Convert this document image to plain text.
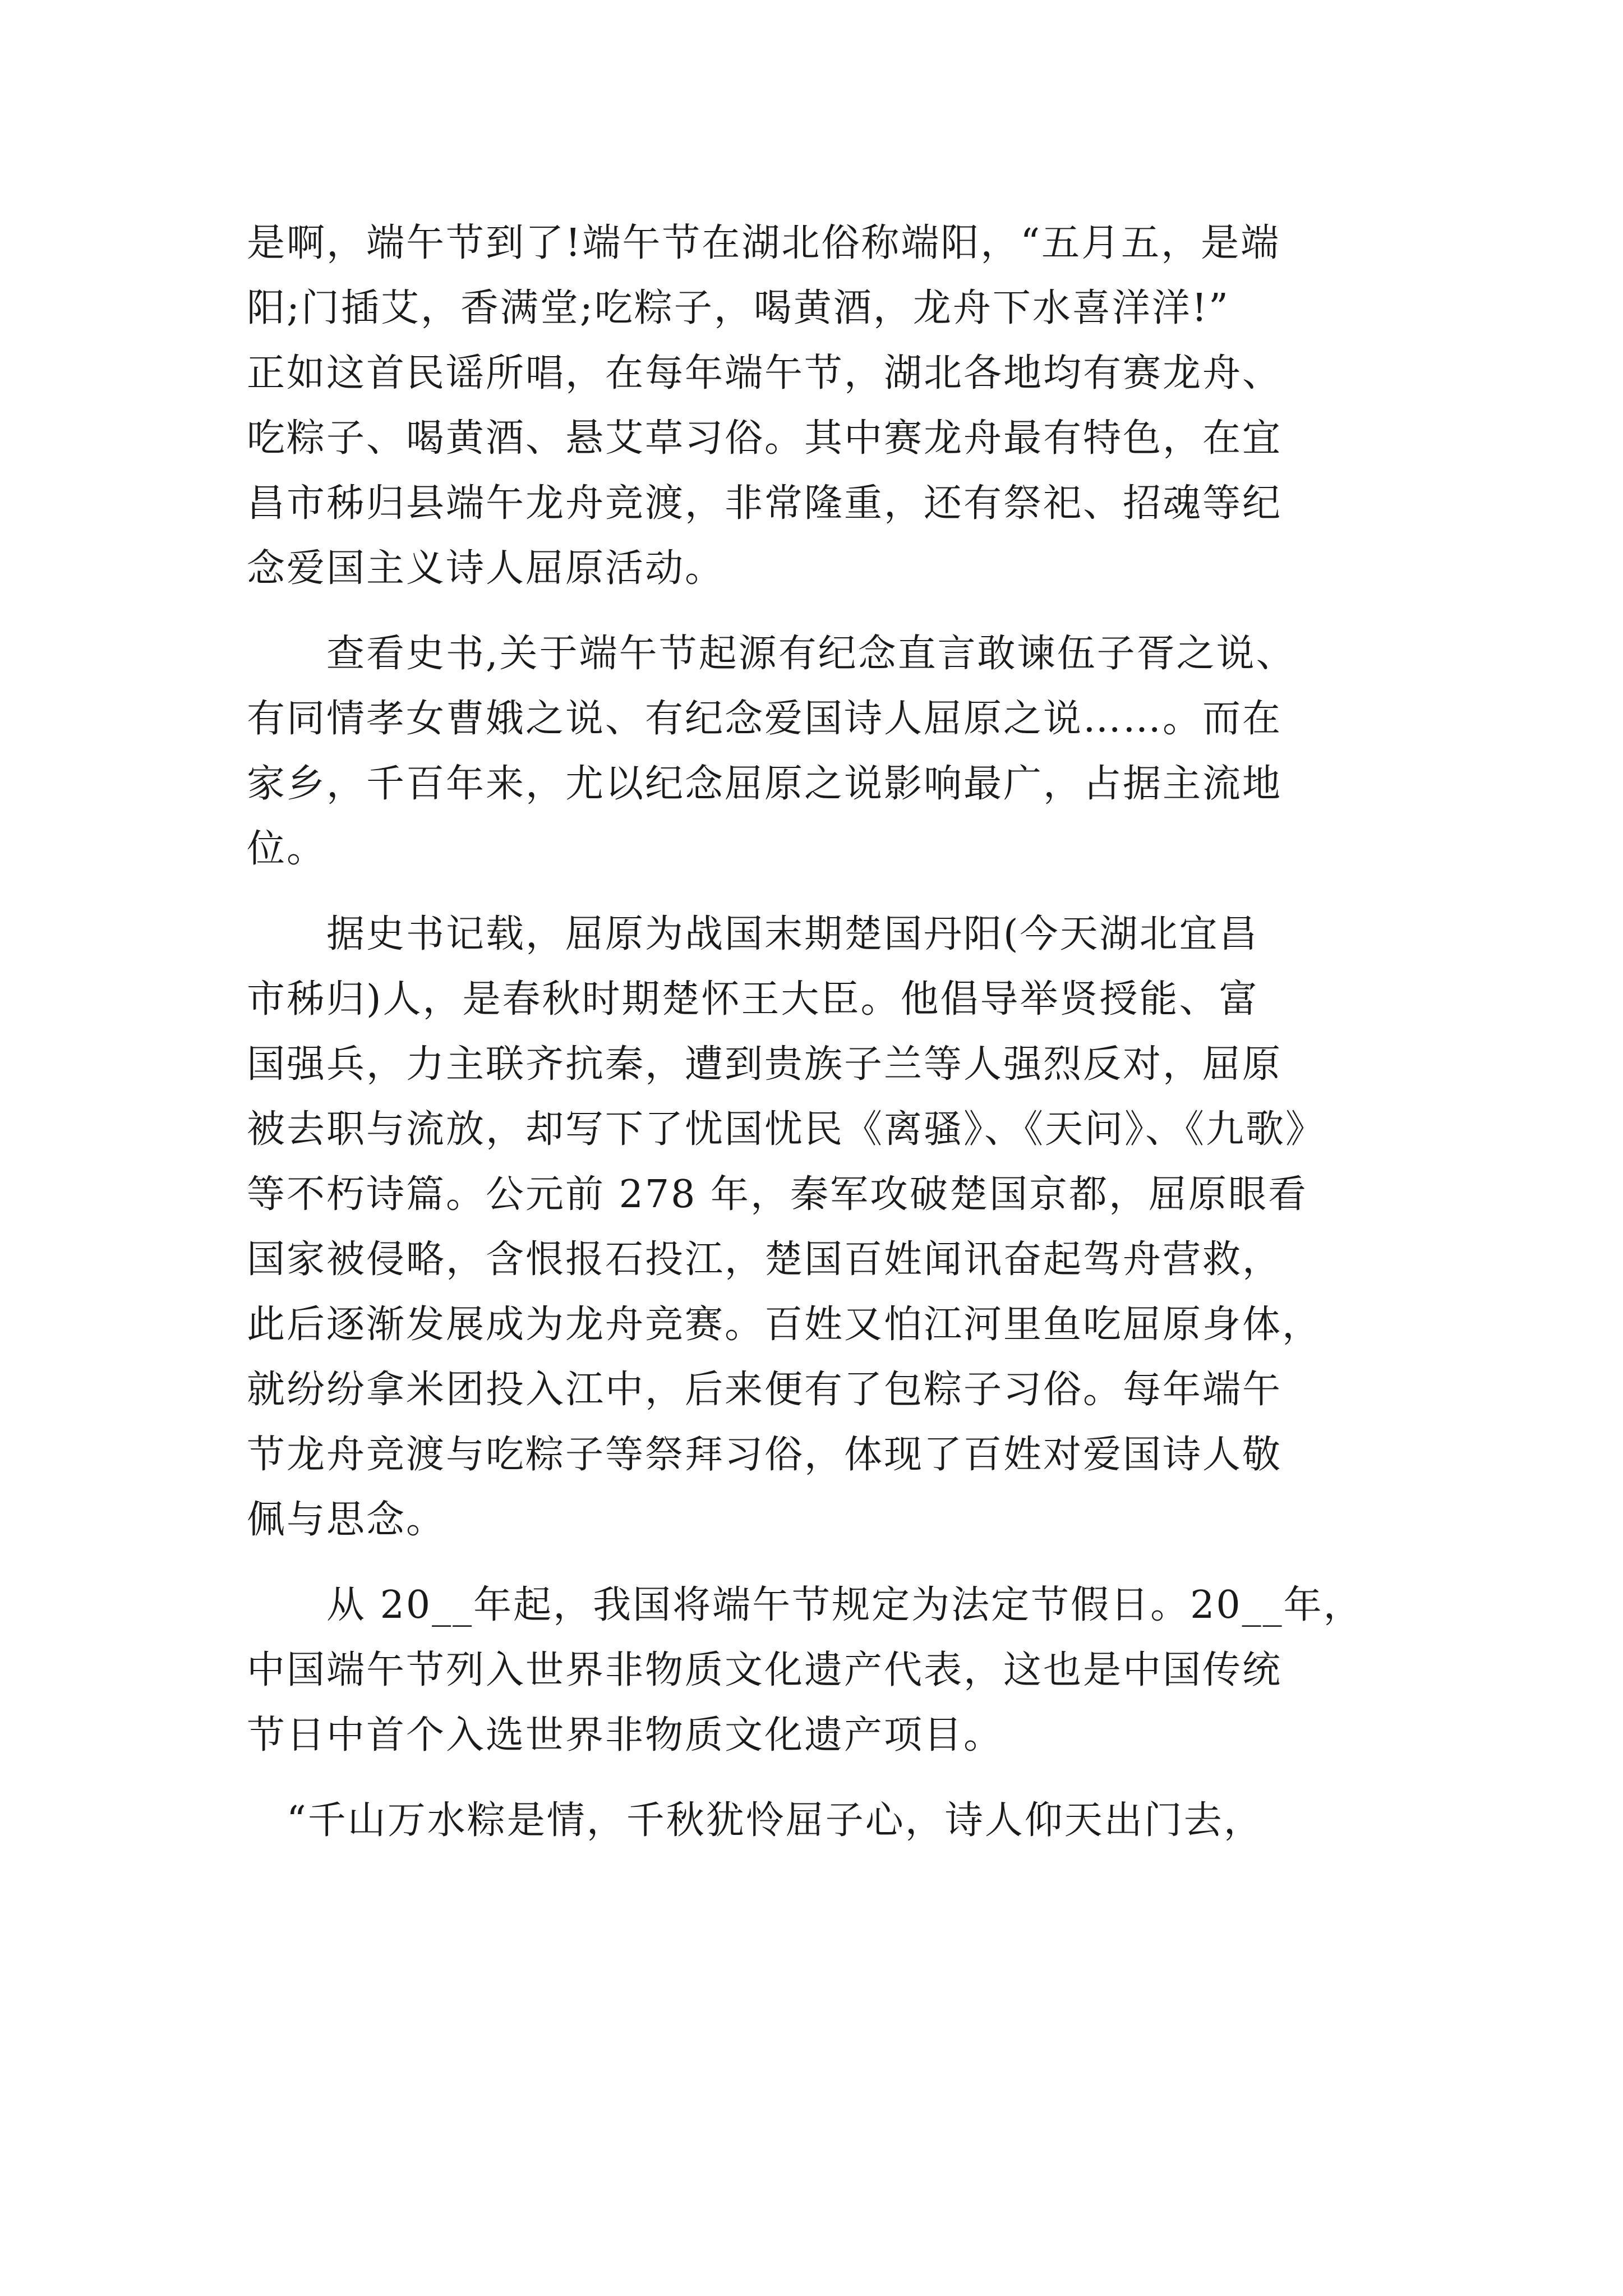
是啊，端午节到了!端午节在湖北俗称端阳，“五月五，是端
阳;门插艾，香满堂;吃粽子，喝黄酒，龙舟下水喜洋洋!”
正如这首民谣所唱，在每年端午节，湖北各地均有赛龙舟、
吃粽子、喝黄酒、悬艾草习俗。其中赛龙舟最有特色，在宜
昌市秭归县端午龙舟竞渡，非常隆重，还有祭祀、招魂等纪
念爱国主义诗人屈原活动。
　　查看史书,关于端午节起源有纪念直言敢谏伍子胥之说、
有同情孝女曹娥之说、有纪念爱国诗人屈原之说……。而在
家乡，千百年来，尤以纪念屈原之说影响最广，占据主流地
位。
　　据史书记载，屈原为战国末期楚国丹阳(今天湖北宜昌
市秭归)人，是春秋时期楚怀王大臣。他倡导举贤授能、富
国强兵，力主联齐抗秦，遭到贵族子兰等人强烈反对，屈原
被去职与流放，却写下了忧国忧民《离骚》、《天问》、《九歌》
等不朽诗篇。公元前 278 年，秦军攻破楚国京都，屈原眼看
国家被侵略，含恨报石投江，楚国百姓闻讯奋起驾舟营救，
此后逐渐发展成为龙舟竞赛。百姓又怕江河里鱼吃屈原身体，
就纷纷拿米团投入江中，后来便有了包粽子习俗。每年端午
节龙舟竞渡与吃粽子等祭拜习俗，体现了百姓对爱国诗人敬
佩与思念。
　　从 20__年起，我国将端午节规定为法定节假日。20__年，
中国端午节列入世界非物质文化遗产代表，这也是中国传统
节日中首个入选世界非物质文化遗产项目。
　“千山万水粽是情，千秋犹怜屈子心，诗人仰天出门去，
